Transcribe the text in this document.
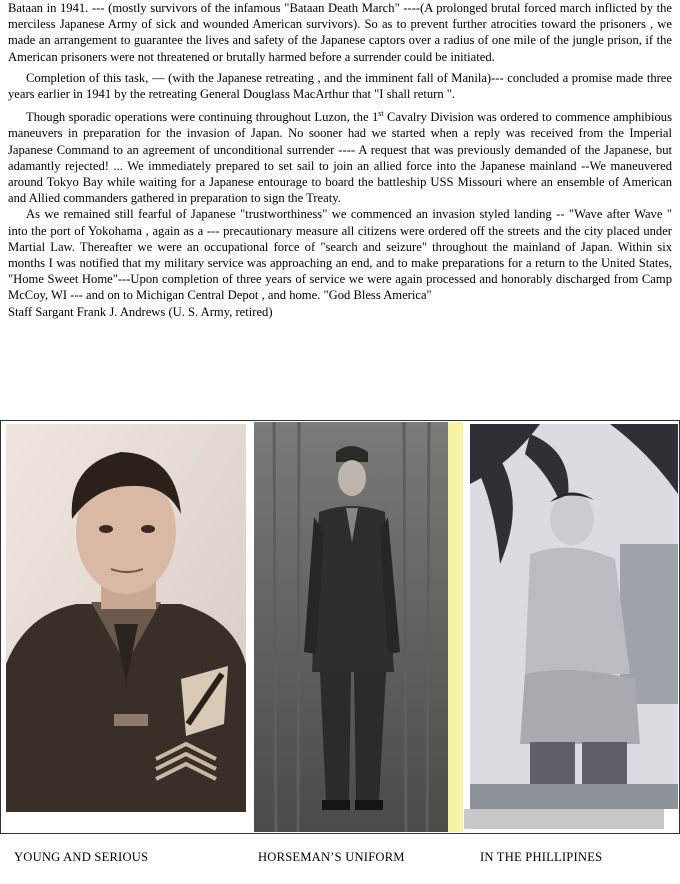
Bataan in 1941. --- (mostly survivors of the infamous "Bataan Death March" ----(A prolonged brutal forced march inflicted by the merciless Japanese Army of sick and wounded American survivors). So as to prevent further atrocities toward the prisoners , we made an arrangement to guarantee the lives and safety of the Japanese captors over a radius of one mile of the jungle prison, if the American prisoners were not threatened or brutally harmed before a surrender could be initiated.

Completion of this task, — (with the Japanese retreating , and the imminent fall of Manila)--- concluded a promise made three years earlier in 1941 by the retreating General Douglass MacArthur that "I shall return ".

Though sporadic operations were continuing throughout Luzon, the 1st Cavalry Division was ordered to commence amphibious maneuvers in preparation for the invasion of Japan. No sooner had we started when a reply was received from the Imperial Japanese Command to an agreement of unconditional surrender ---- A request that was previously demanded of the Japanese, but adamantly rejected! ... We immediately prepared to set sail to join an allied force into the Japanese mainland --We maneuvered around Tokyo Bay while waiting for a Japanese entourage to board the battleship USS Missouri where an ensemble of American and Allied commanders gathered in preparation to sign the Treaty.

As we remained still fearful of Japanese "trustworthiness" we commenced an invasion styled landing -- "Wave after Wave " into the port of Yokohama , again as a --- precautionary measure all citizens were ordered off the streets and the city placed under Martial Law. Thereafter we were an occupational force of "search and seizure" throughout the mainland of Japan. Within six months I was notified that my military service was approaching an end, and to make preparations for a return to the United States, "Home Sweet Home"---Upon completion of three years of service we were again processed and honorably discharged from Camp McCoy, WI --- and on to Michigan Central Depot , and home. "God Bless America"

Staff Sargant Frank J. Andrews (U. S. Army, retired)

YOUNG AND SERIOUS	HORSEMAN’S UNIFORM	IN THE PHILLIPINES
